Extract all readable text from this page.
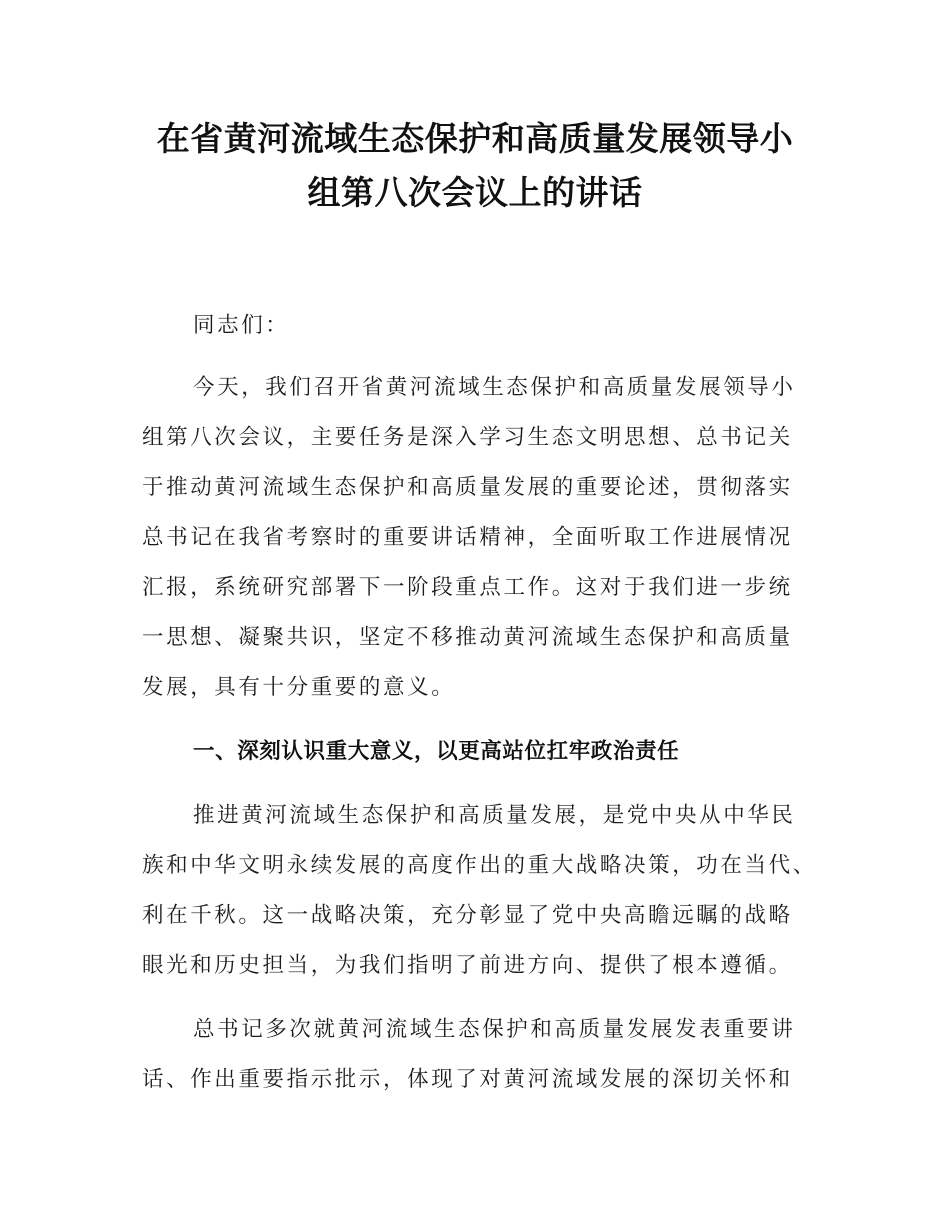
在省黄河流域生态保护和高质量发展领导小
组第八次会议上的讲话

同志们：

今天，我们召开省黄河流域生态保护和高质量发展领导小
组第八次会议，主要任务是深入学习生态文明思想、总书记关
于推动黄河流域生态保护和高质量发展的重要论述，贯彻落实
总书记在我省考察时的重要讲话精神，全面听取工作进展情况
汇报，系统研究部署下一阶段重点工作。这对于我们进一步统
一思想、凝聚共识，坚定不移推动黄河流域生态保护和高质量
发展，具有十分重要的意义。

一、深刻认识重大意义，以更高站位扛牢政治责任

推进黄河流域生态保护和高质量发展，是党中央从中华民
族和中华文明永续发展的高度作出的重大战略决策，功在当代、
利在千秋。这一战略决策，充分彰显了党中央高瞻远瞩的战略
眼光和历史担当，为我们指明了前进方向、提供了根本遵循。

总书记多次就黄河流域生态保护和高质量发展发表重要讲
话、作出重要指示批示，体现了对黄河流域发展的深切关怀和
